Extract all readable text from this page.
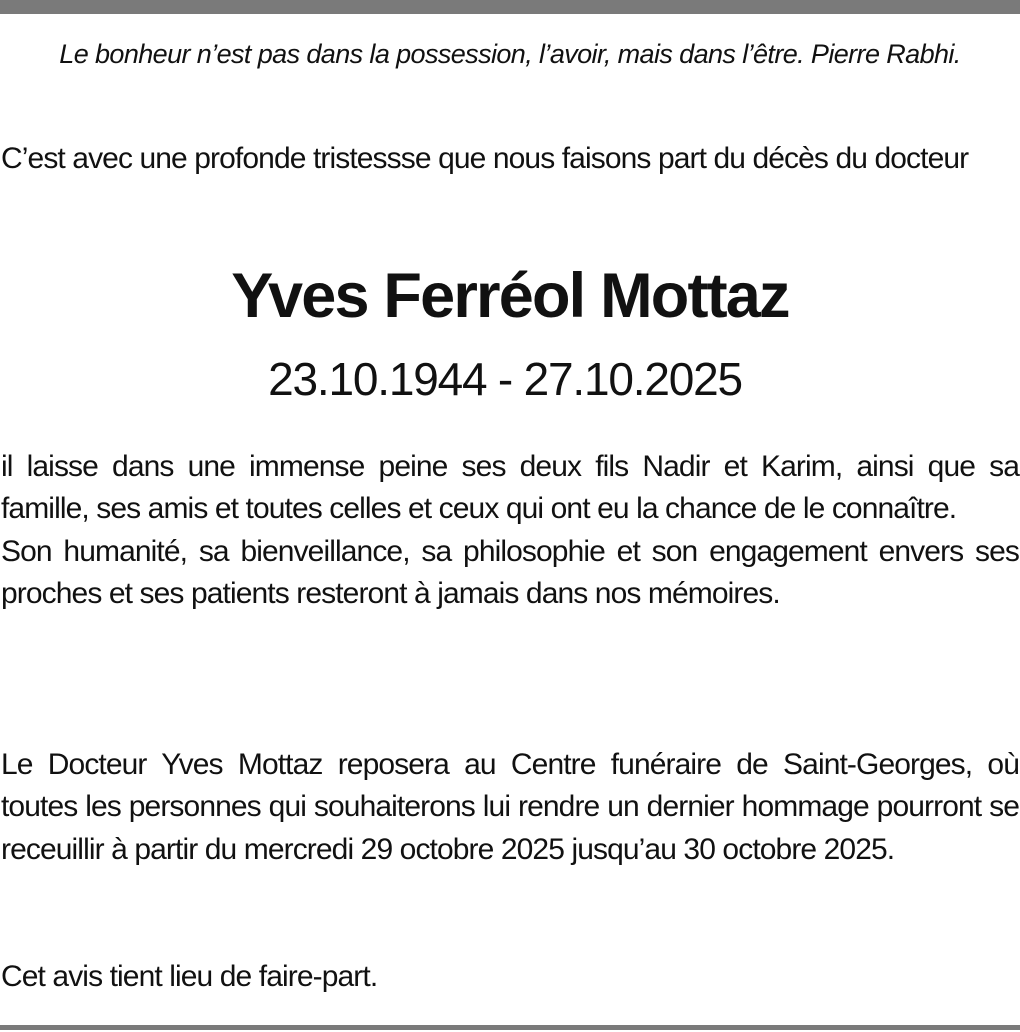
Le bonheur n’est pas dans la possession, l’avoir, mais dans l’être. Pierre Rabhi.
C’est avec une profonde tristessse que nous faisons part du décès du docteur
Yves Ferréol Mottaz
23.10.1944 - 27.10.2025

il laisse dans une immense peine ses deux fils Nadir et Karim, ainsi que sa famille, ses amis et toutes celles et ceux qui ont eu la chance de le connaître.

Son humanité, sa bienveillance, sa philosophie et son engagement envers ses proches et ses patients resteront à jamais dans nos mémoires.

Le Docteur Yves Mottaz reposera au Centre funéraire de Saint-Georges, où toutes les personnes qui souhaiterons lui rendre un dernier hommage pourront se receuillir à partir du mercredi 29 octobre 2025 jusqu’au 30 octobre 2025.

Cet avis tient lieu de faire-part.
